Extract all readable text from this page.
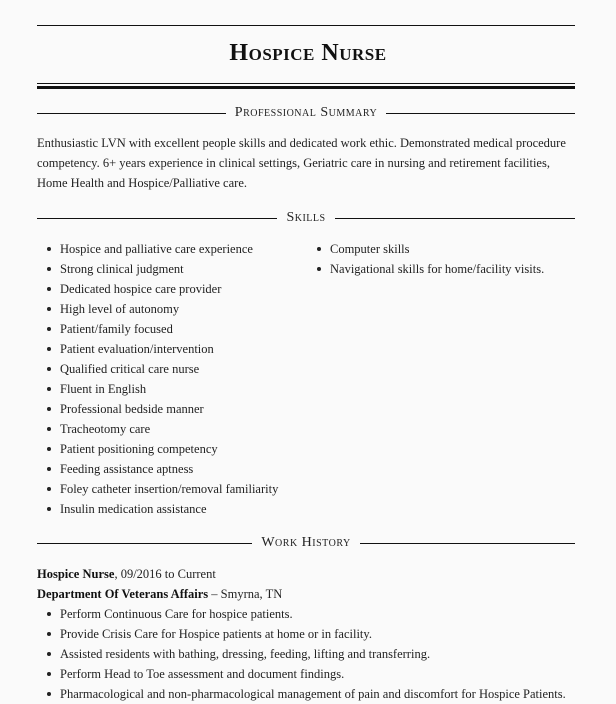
Hospice Nurse
Professional Summary
Enthusiastic LVN with excellent people skills and dedicated work ethic. Demonstrated medical procedure competency. 6+ years experience in clinical settings, Geriatric care in nursing and retirement facilities, Home Health and Hospice/Palliative care.
Skills
Hospice and palliative care experience
Strong clinical judgment
Dedicated hospice care provider
High level of autonomy
Patient/family focused
Patient evaluation/intervention
Qualified critical care nurse
Fluent in English
Professional bedside manner
Tracheotomy care
Patient positioning competency
Feeding assistance aptness
Foley catheter insertion/removal familiarity
Insulin medication assistance
Computer skills
Navigational skills for home/facility visits.
Work History
Hospice Nurse, 09/2016 to Current
Department Of Veterans Affairs – Smyrna, TN
Perform Continuous Care for hospice patients.
Provide Crisis Care for Hospice patients at home or in facility.
Assisted residents with bathing, dressing, feeding, lifting and transferring.
Perform Head to Toe assessment and document findings.
Pharmacological and non-pharmacological management of pain and discomfort for Hospice Patients.
